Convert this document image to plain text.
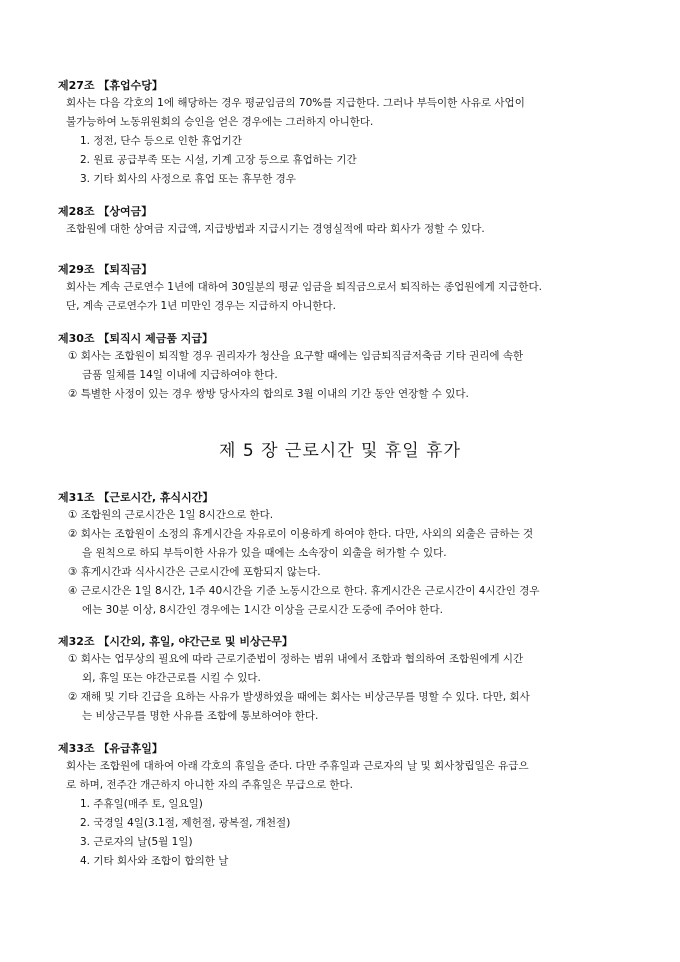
제27조 【휴업수당】

회사는 다음 각호의 1에 해당하는 경우 평균임금의 70%를 지급한다. 그러나 부득이한 사유로 사업이

불가능하여 노동위원회의 승인을 얻은 경우에는 그러하지 아니한다.

1. 정전, 단수 등으로 인한 휴업기간

2. 원료 공급부족 또는 시설, 기계 고장 등으로 휴업하는 기간

3. 기타 회사의 사정으로 휴업 또는 휴무한 경우

제28조 【상여금】

조합원에 대한 상여금 지급액, 지급방법과 지급시기는 경영실적에 따라 회사가 정할 수 있다.

제29조 【퇴직금】

회사는 계속 근로연수 1년에 대하여 30일분의 평균 임금을 퇴직금으로서 퇴직하는 종업원에게 지급한다.

단, 계속 근로연수가 1년 미만인 경우는 지급하지 아니한다.

제30조 【퇴직시 제금품 지급】

① 회사는 조합원이 퇴직할 경우 권리자가 청산을 요구할 때에는 임금퇴직금저축금 기타 권리에 속한

금품 일체를 14일 이내에 지급하여야 한다.

② 특별한 사정이 있는 경우 쌍방 당사자의 합의로 3월 이내의 기간 동안 연장할 수 있다.

제 5 장 근로시간 및 휴일 휴가

제31조 【근로시간, 휴식시간】

① 조합원의 근로시간은 1일 8시간으로 한다.

② 회사는 조합원이 소정의 휴게시간을 자유로이 이용하게 하여야 한다. 다만, 사외의 외출은 금하는 것

을 원칙으로 하되 부득이한 사유가 있을 때에는 소속장이 외출을 허가할 수 있다.

③ 휴게시간과 식사시간은 근로시간에 포함되지 않는다.

④ 근로시간은 1일 8시간, 1주 40시간을 기준 노동시간으로 한다. 휴게시간은 근로시간이 4시간인 경우

에는 30분 이상, 8시간인 경우에는 1시간 이상을 근로시간 도중에 주어야 한다.

제32조 【시간외, 휴일, 야간근로 및 비상근무】

① 회사는 업무상의 필요에 따라 근로기준법이 정하는 범위 내에서 조합과 협의하여 조합원에게 시간

외, 휴일 또는 야간근로를 시킬 수 있다.

② 재해 및 기타 긴급을 요하는 사유가 발생하였을 때에는 회사는 비상근무를 명할 수 있다. 다만, 회사

는 비상근무를 명한 사유를 조합에 통보하여야 한다.

제33조 【유급휴일】

회사는 조합원에 대하여 아래 각호의 휴일을 준다. 다만 주휴일과 근로자의 날 및 회사창립일은 유급으

로 하며, 전주간 개근하지 아니한 자의 주휴일은 무급으로 한다.

1. 주휴일(매주 토, 일요일)

2. 국경일 4일(3.1절, 제헌절, 광복절, 개천절)

3. 근로자의 날(5월 1일)

4. 기타 회사와 조합이 합의한 날
